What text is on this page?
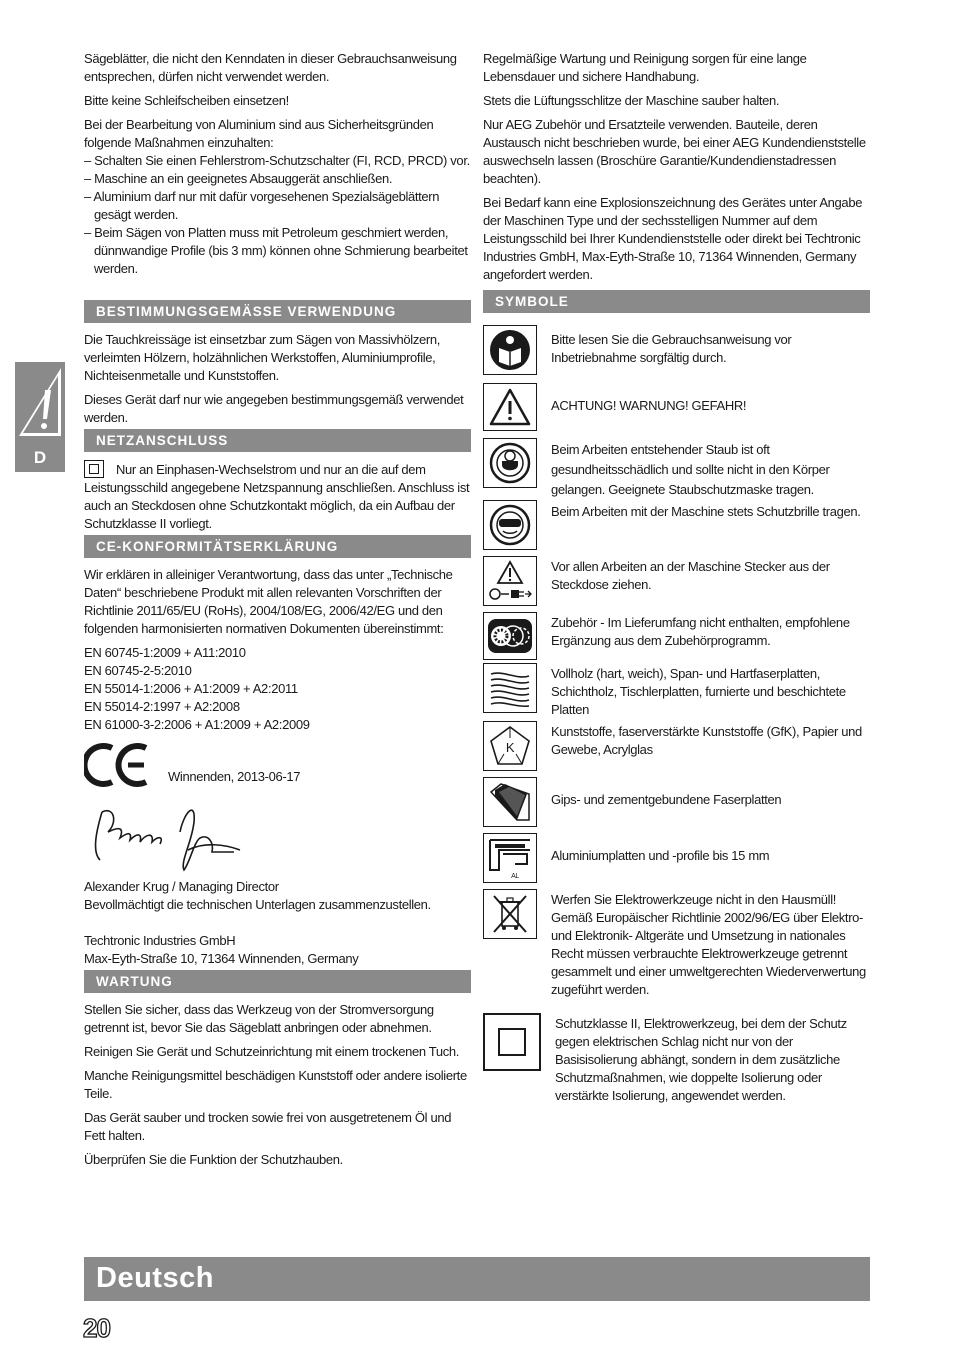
D

Sägeblätter, die nicht den Kenndaten in dieser Gebrauchsanweisung entsprechen, dürfen nicht verwendet werden.

Bitte keine Schleifscheiben einsetzen!

Bei der Bearbeitung von Aluminium sind aus Sicherheitsgründen folgende Maßnahmen einzuhalten:

– Schalten Sie einen Fehlerstrom-Schutzschalter (FI, RCD, PRCD) vor.
– Maschine an ein geeignetes Absauggerät anschließen.
– Aluminium darf nur mit dafür vorgesehenen Spezialsägeblättern gesägt werden.
– Beim Sägen von Platten muss mit Petroleum geschmiert werden, dünnwandige Profile (bis 3 mm) können ohne Schmierung bearbeitet werden.
BESTIMMUNGSGEMÄSSE VERWENDUNG

Die Tauchkreissäge ist einsetzbar zum Sägen von Massivhölzern, verleimten Hölzern, holzähnlichen Werkstoffen, Aluminiumprofile, Nichteisenmetalle und Kunststoffen.

Dieses Gerät darf nur wie angegeben bestimmungsgemäß verwendet werden.

NETZANSCHLUSS

Nur an Einphasen-Wechselstrom und nur an die auf dem Leistungsschild angegebene Netzspannung anschließen. Anschluss ist auch an Steckdosen ohne Schutzkontakt möglich, da ein Aufbau der Schutzklasse II vorliegt.

CE-KONFORMITÄTSERKLÄRUNG

Wir erklären in alleiniger Verantwortung, dass das unter „Technische Daten“ beschriebene Produkt mit allen relevanten Vorschriften der Richtlinie 2011/65/EU (RoHs), 2004/108/EG, 2006/42/EG und den folgenden harmonisierten normativen Dokumenten übereinstimmt:

EN 60745-1:2009 + A11:2010
EN 60745-2-5:2010
EN 55014-1:2006 + A1:2009 + A2:2011
EN 55014-2:1997 + A2:2008
EN 61000-3-2:2006 + A1:2009 + A2:2009
Winnenden, 2013-06-17
Alexander Krug / Managing Director
Bevollmächtigt die technischen Unterlagen zusammenzustellen.
Techtronic Industries GmbH
Max-Eyth-Straße 10, 71364 Winnenden, Germany
WARTUNG

Stellen Sie sicher, dass das Werkzeug von der Stromversorgung getrennt ist, bevor Sie das Sägeblatt anbringen oder abnehmen.

Reinigen Sie Gerät und Schutzeinrichtung mit einem trockenen Tuch.

Manche Reinigungsmittel beschädigen Kunststoff oder andere isolierte Teile.

Das Gerät sauber und trocken sowie frei von ausgetretenem Öl und Fett halten.

Überprüfen Sie die Funktion der Schutzhauben.

Regelmäßige Wartung und Reinigung sorgen für eine lange Lebensdauer und sichere Handhabung.

Stets die Lüftungsschlitze der Maschine sauber halten.

Nur AEG Zubehör und Ersatzteile verwenden. Bauteile, deren Austausch nicht beschrieben wurde, bei einer AEG Kundendienststelle auswechseln lassen (Broschüre Garantie/Kundendienstadressen beachten).

Bei Bedarf kann eine Explosionszeichnung des Gerätes unter Angabe der Maschinen Type und der sechsstelligen Nummer auf dem Leistungsschild bei Ihrer Kundendienststelle oder direkt bei Techtronic Industries GmbH, Max-Eyth-Straße 10, 71364 Winnenden, Germany angefordert werden.

SYMBOLE
Bitte lesen Sie die Gebrauchsanweisung vor Inbetriebnahme sorgfältig durch.
ACHTUNG! WARNUNG! GEFAHR!
Beim Arbeiten entstehender Staub ist oft gesundheitsschädlich und sollte nicht in den Körper gelangen. Geeignete Staubschutzmaske tragen.
Beim Arbeiten mit der Maschine stets Schutzbrille tragen.
Vor allen Arbeiten an der Maschine Stecker aus der Steckdose ziehen.
Zubehör - Im Lieferumfang nicht enthalten, empfohlene Ergänzung aus dem Zubehörprogramm.
Vollholz (hart, weich), Span- und Hartfaserplatten, Schichtholz, Tischlerplatten, furnierte und beschichtete Platten
K
Kunststoffe, faserverstärkte Kunststoffe (GfK), Papier und Gewebe, Acrylglas
Gips- und zementgebundene Faserplatten
AL
Aluminiumplatten und -profile bis 15 mm
Werfen Sie Elektrowerkzeuge nicht in den Hausmüll! Gemäß Europäischer Richtlinie 2002/96/EG über Elektro- und Elektronik- Altgeräte und Umsetzung in nationales Recht müssen verbrauchte Elektrowerkzeuge getrennt gesammelt und einer umweltgerechten Wiederverwertung zugeführt werden.
Schutzklasse II, Elektrowerkzeug, bei dem der Schutz gegen elektrischen Schlag nicht nur von der Basisisolierung abhängt, sondern in dem zusätzliche Schutzmaßnahmen, wie doppelte Isolierung oder verstärkte Isolierung, angewendet werden.
Deutsch
20
